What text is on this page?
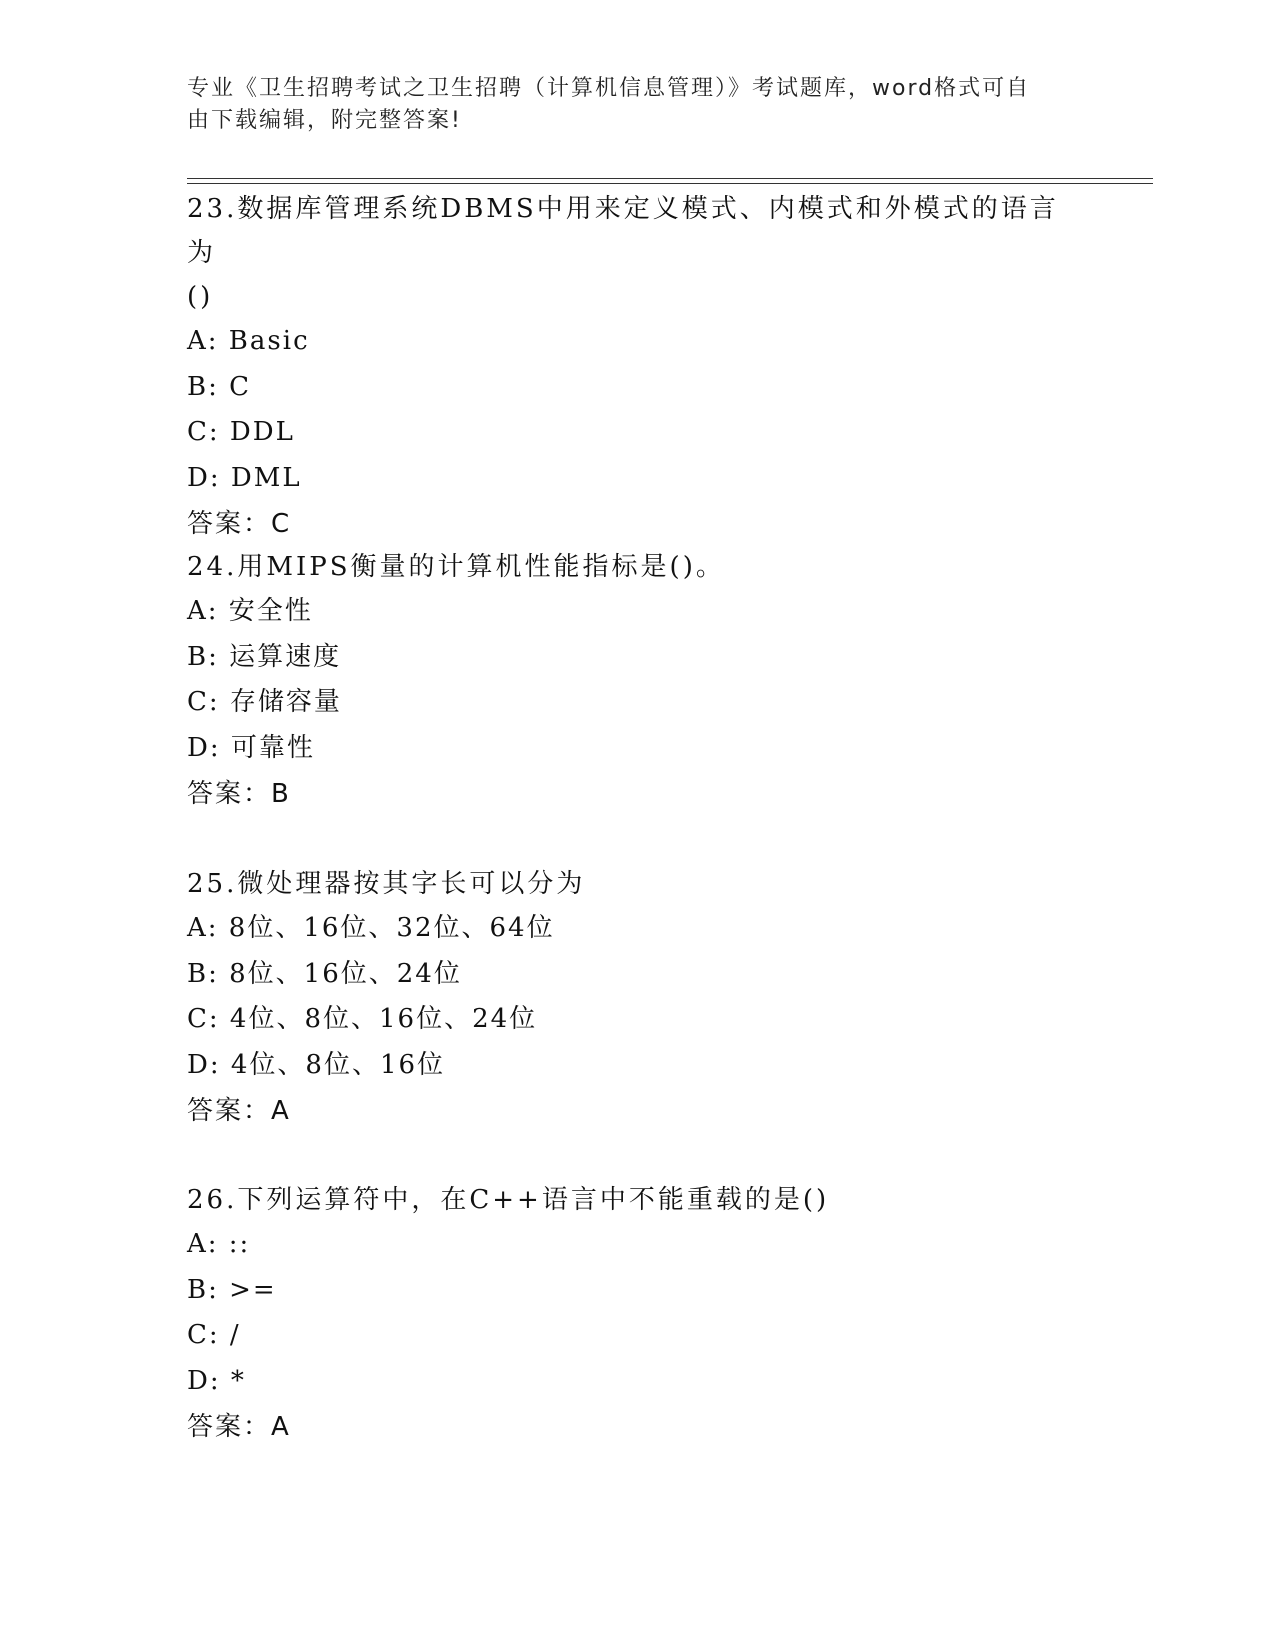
专业《卫生招聘考试之卫生招聘（计算机信息管理）》考试题库，word格式可自
由下载编辑，附完整答案!

23.数据库管理系统DBMS中用来定义模式、内模式和外模式的语言为

()

A: Basic

B: C

C: DDL

D: DML

答案：C

24.用MIPS衡量的计算机性能指标是()。

A: 安全性

B: 运算速度

C: 存储容量

D: 可靠性

答案：B

25.微处理器按其字长可以分为

A: 8位、16位、32位、64位

B: 8位、16位、24位

C: 4位、8位、16位、24位

D: 4位、8位、16位

答案：A

26.下列运算符中，在C++语言中不能重载的是()

A: ::

B: >=

C: /

D: *

答案：A
